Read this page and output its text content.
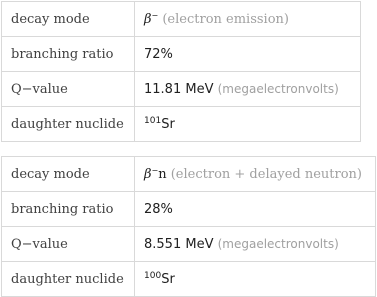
decay mode	β− (electron emission)
branching ratio	72%
Q−value	11.81 MeV (megaelectronvolts)
daughter nuclide	$^{101}$Sr
decay mode	β−n (electron + delayed neutron)
branching ratio	28%
Q−value	8.551 MeV (megaelectronvolts)
daughter nuclide	$^{100}$Sr
